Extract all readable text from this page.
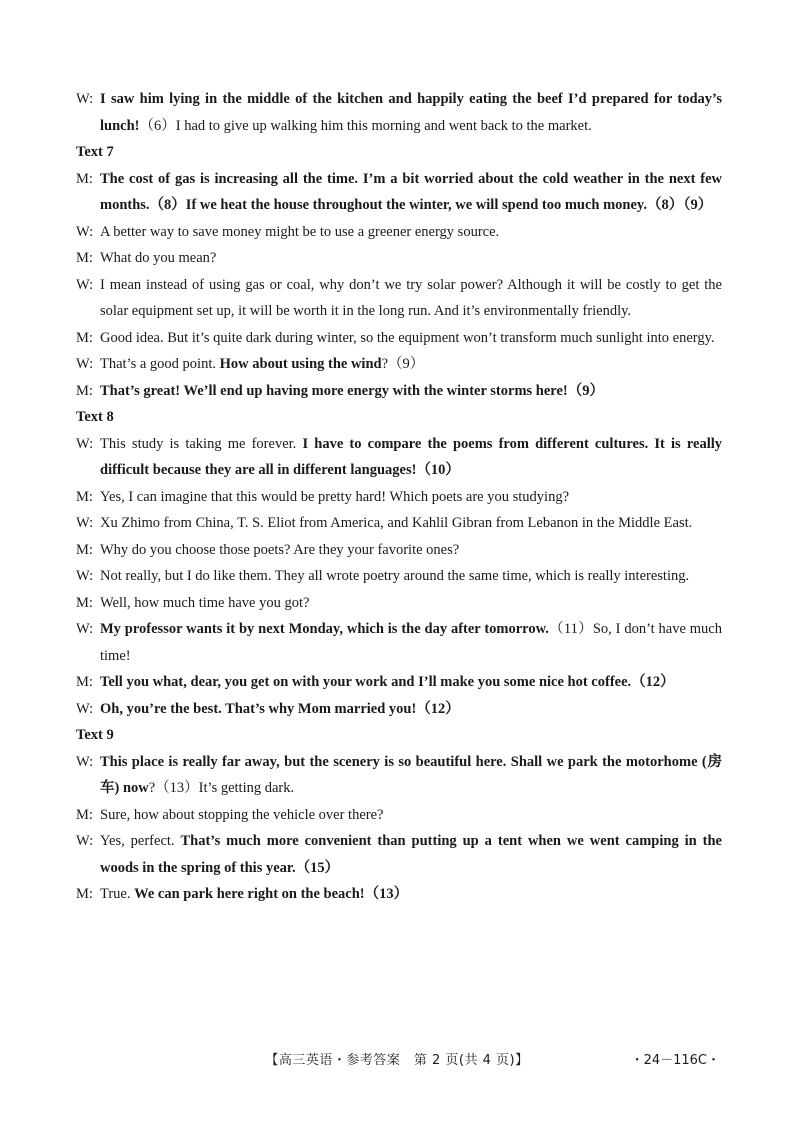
W: I saw him lying in the middle of the kitchen and happily eating the beef I’d prepared for today’s lunch!（6）I had to give up walking him this morning and went back to the market.

Text 7

M: The cost of gas is increasing all the time. I’m a bit worried about the cold weather in the next few months.（8）If we heat the house throughout the winter, we will spend too much money.（8）（9）
W: A better way to save money might be to use a greener energy source.
M: What do you mean?
W: I mean instead of using gas or coal, why don’t we try solar power? Although it will be costly to get the solar equipment set up, it will be worth it in the long run. And it’s environmentally friendly.
M: Good idea. But it’s quite dark during winter, so the equipment won’t transform much sunlight into energy.
W: That’s a good point. How about using the wind?（9）
M: That’s great! We’ll end up having more energy with the winter storms here!（9）

Text 8

W: This study is taking me forever. I have to compare the poems from different cultures. It is really difficult because they are all in different languages!（10）
M: Yes, I can imagine that this would be pretty hard! Which poets are you studying?
W: Xu Zhimo from China, T. S. Eliot from America, and Kahlil Gibran from Lebanon in the Middle East.
M: Why do you choose those poets? Are they your favorite ones?
W: Not really, but I do like them. They all wrote poetry around the same time, which is really interesting.
M: Well, how much time have you got?
W: My professor wants it by next Monday, which is the day after tomorrow.（11）So, I don’t have much time!
M: Tell you what, dear, you get on with your work and I’ll make you some nice hot coffee.（12）
W: Oh, you’re the best. That’s why Mom married you!（12）

Text 9

W: This place is really far away, but the scenery is so beautiful here. Shall we park the motorhome (房车) now?（13）It’s getting dark.
M: Sure, how about stopping the vehicle over there?
W: Yes, perfect. That’s much more convenient than putting up a tent when we went camping in the woods in the spring of this year.（15）
M: True. We can park here right on the beach!（13）
【高三英语・参考答案　第 2 页(共 4 页)】	・24－116C・
